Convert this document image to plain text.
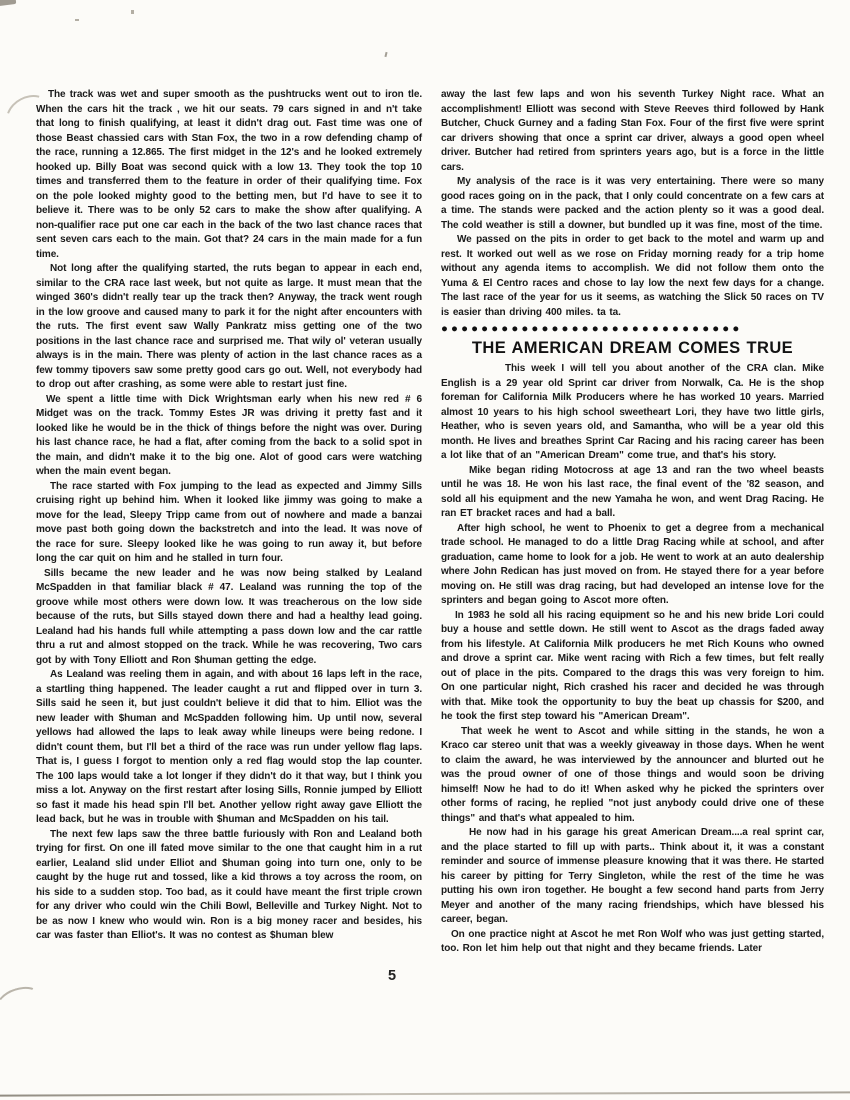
The track was wet and super smooth as the pushtrucks went out to iron tle. When the cars hit the track , we hit our seats. 79 cars signed in and n't take that long to finish qualifying, at least it didn't drag out. Fast time was one of those Beast chassied cars with Stan Fox, the two in a row defending champ of the race, running a 12.865. The first midget in the 12's and he looked extremely hooked up. Billy Boat was second quick with a low 13. They took the top 10 times and transferred them to the feature in order of their qualifying time. Fox on the pole looked mighty good to the betting men, but I'd have to see it to believe it. There was to be only 52 cars to make the show after qualifying. A non-qualifier race put one car each in the back of the two last chance races that sent seven cars each to the main. Got that? 24 cars in the main made for a fun time.

Not long after the qualifying started, the ruts began to appear in each end, similar to the CRA race last week, but not quite as large. It must mean that the winged 360's didn't really tear up the track then? Anyway, the track went rough in the low groove and caused many to park it for the night after encounters with the ruts. The first event saw Wally Pankratz miss getting one of the two positions in the last chance race and surprised me. That wily ol' veteran usually always is in the main. There was plenty of action in the last chance races as a few tommy tipovers saw some pretty good cars go out. Well, not everybody had to drop out after crashing, as some were able to restart just fine.

We spent a little time with Dick Wrightsman early when his new red # 6 Midget was on the track. Tommy Estes JR was driving it pretty fast and it looked like he would be in the thick of things before the night was over. During his last chance race, he had a flat, after coming from the back to a solid spot in the main, and didn't make it to the big one. Alot of good cars were watching when the main event began.

The race started with Fox jumping to the lead as expected and Jimmy Sills cruising right up behind him. When it looked like jimmy was going to make a move for the lead, Sleepy Tripp came from out of nowhere and made a banzai move past both going down the backstretch and into the lead. It was nove of the race for sure. Sleepy looked like he was going to run away it, but before long the car quit on him and he stalled in turn four.

Sills became the new leader and he was now being stalked by Lealand McSpadden in that familiar black # 47. Lealand was running the top of the groove while most others were down low. It was treacherous on the low side because of the ruts, but Sills stayed down there and had a healthy lead going. Lealand had his hands full while attempting a pass down low and the car rattle thru a rut and almost stopped on the track. While he was recovering, Two cars got by with Tony Elliott and Ron $human getting the edge.

As Lealand was reeling them in again, and with about 16 laps left in the race, a startling thing happened. The leader caught a rut and flipped over in turn 3. Sills said he seen it, but just couldn't believe it did that to him. Elliot was the new leader with $human and McSpadden following him. Up until now, several yellows had allowed the laps to leak away while lineups were being redone. I didn't count them, but I'll bet a third of the race was run under yellow flag laps. That is, I guess I forgot to mention only a red flag would stop the lap counter. The 100 laps would take a lot longer if they didn't do it that way, but I think you miss a lot. Anyway on the first restart after losing Sills, Ronnie jumped by Elliott so fast it made his head spin I'll bet. Another yellow right away gave Elliott the lead back, but he was in trouble with $human and McSpadden on his tail.

The next few laps saw the three battle furiously with Ron and Lealand both trying for first. On one ill fated move similar to the one that caught him in a rut earlier, Lealand slid under Elliot and $human going into turn one, only to be caught by the huge rut and tossed, like a kid throws a toy across the room, on his side to a sudden stop. Too bad, as it could have meant the first triple crown for any driver who could win the Chili Bowl, Belleville and Turkey Night. Not to be as now I knew who would win. Ron is a big money racer and besides, his car was faster than Elliot's. It was no contest as $human blew

away the last few laps and won his seventh Turkey Night race. What an accomplishment! Elliott was second with Steve Reeves third followed by Hank Butcher, Chuck Gurney and a fading Stan Fox. Four of the first five were sprint car drivers showing that once a sprint car driver, always a good open wheel driver. Butcher had retired from sprinters years ago, but is a force in the little cars.

My analysis of the race is it was very entertaining. There were so many good races going on in the pack, that I only could concentrate on a few cars at a time. The stands were packed and the action plenty so it was a good deal. The cold weather is still a downer, but bundled up it was fine, most of the time.

We passed on the pits in order to get back to the motel and warm up and rest. It worked out well as we rose on Friday morning ready for a trip home without any agenda items to accomplish. We did not follow them onto the Yuma & El Centro races and chose to lay low the next few days for a change. The last race of the year for us it seems, as watching the Slick 50 races on TV is easier than driving 400 miles. ta ta.

●●●●●●●●●●●●●●●●●●●●●●●●●●●●●●
THE AMERICAN DREAM COMES TRUE

This week I will tell you about another of the CRA clan. Mike English is a 29 year old Sprint car driver from Norwalk, Ca. He is the shop foreman for California Milk Producers where he has worked 10 years. Married almost 10 years to his high school sweetheart Lori, they have two little girls, Heather, who is seven years old, and Samantha, who will be a year old this month. He lives and breathes Sprint Car Racing and his racing career has been a lot like that of an "American Dream" come true, and that's his story.

Mike began riding Motocross at age 13 and ran the two wheel beasts until he was 18. He won his last race, the final event of the '82 season, and sold all his equipment and the new Yamaha he won, and went Drag Racing. He ran ET bracket races and had a ball.

After high school, he went to Phoenix to get a degree from a mechanical trade school. He managed to do a little Drag Racing while at school, and after graduation, came home to look for a job. He went to work at an auto dealership where John Redican has just moved on from. He stayed there for a year before moving on. He still was drag racing, but had developed an intense love for the sprinters and began going to Ascot more often.

In 1983 he sold all his racing equipment so he and his new bride Lori could buy a house and settle down. He still went to Ascot as the drags faded away from his lifestyle. At California Milk producers he met Rich Kouns who owned and drove a sprint car. Mike went racing with Rich a few times, but felt really out of place in the pits. Compared to the drags this was very foreign to him. On one particular night, Rich crashed his racer and decided he was through with that. Mike took the opportunity to buy the beat up chassis for $200, and he took the first step toward his "American Dream".

That week he went to Ascot and while sitting in the stands, he won a Kraco car stereo unit that was a weekly giveaway in those days. When he went to claim the award, he was interviewed by the announcer and blurted out he was the proud owner of one of those things and would soon be driving himself! Now he had to do it! When asked why he picked the sprinters over other forms of racing, he replied "not just anybody could drive one of these things" and that's what appealed to him.

He now had in his garage his great American Dream....a real sprint car, and the place started to fill up with parts.. Think about it, it was a constant reminder and source of immense pleasure knowing that it was there. He started his career by pitting for Terry Singleton, while the rest of the time he was putting his own iron together. He bought a few second hand parts from Jerry Meyer and another of the many racing friendships, which have blessed his career, began.

On one practice night at Ascot he met Ron Wolf who was just getting started, too. Ron let him help out that night and they became friends. Later

5
